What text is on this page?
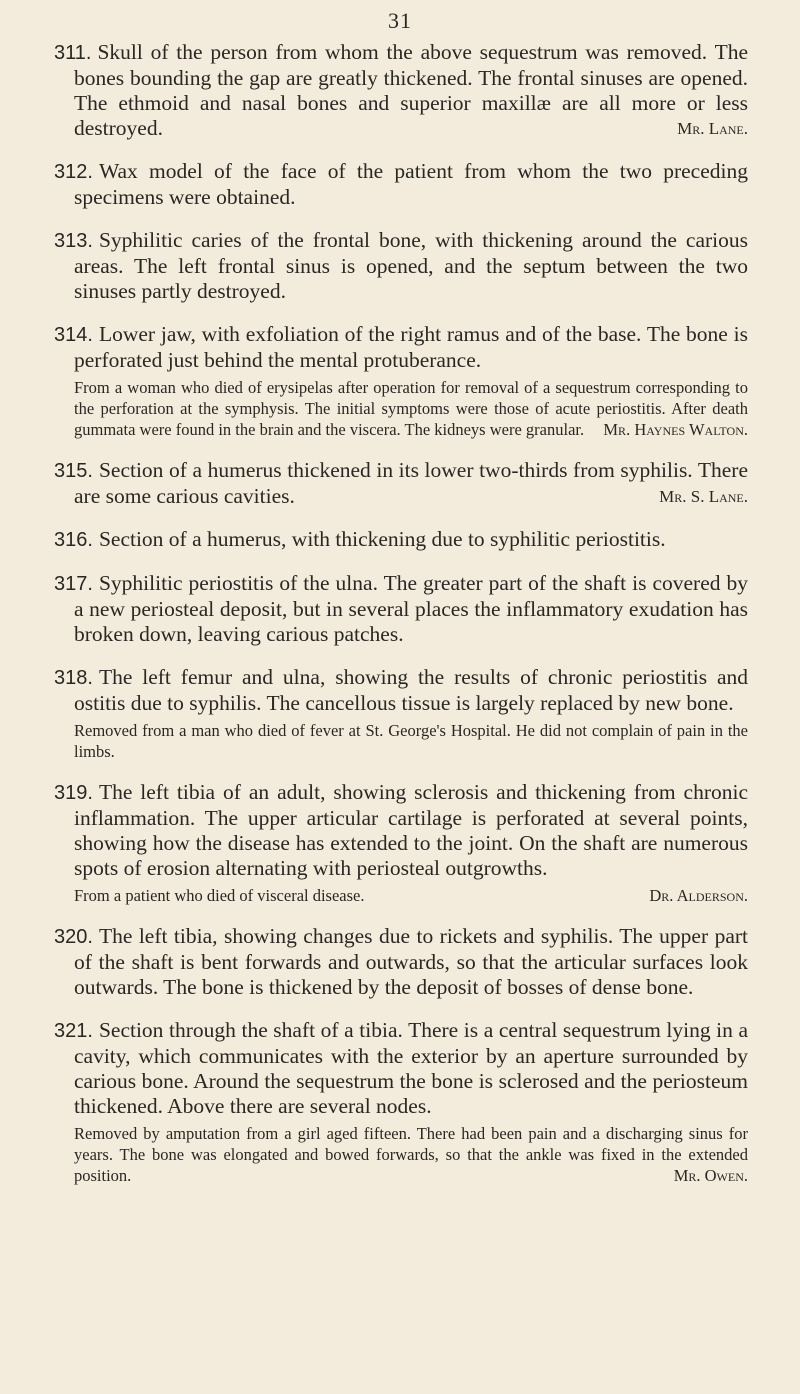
31

311. Skull of the person from whom the above sequestrum was removed. The bones bounding the gap are greatly thickened. The frontal sinuses are opened. The ethmoid and nasal bones and superior maxillæ are all more or less destroyed.	Mr. Lane.

312. Wax model of the face of the patient from whom the two preceding specimens were obtained.

313. Syphilitic caries of the frontal bone, with thickening around the carious areas. The left frontal sinus is opened, and the septum between the two sinuses partly destroyed.

314. Lower jaw, with exfoliation of the right ramus and of the base. The bone is perforated just behind the mental protuberance.

From a woman who died of erysipelas after operation for removal of a sequestrum corresponding to the perforation at the symphysis. The initial symptoms were those of acute periostitis. After death gummata were found in the brain and the viscera. The kidneys were granular. Mr. Haynes Walton.

315. Section of a humerus thickened in its lower two-thirds from syphilis. There are some carious cavities.	Mr. S. Lane.

316. Section of a humerus, with thickening due to syphilitic periostitis.

317. Syphilitic periostitis of the ulna. The greater part of the shaft is covered by a new periosteal deposit, but in several places the inflammatory exudation has broken down, leaving carious patches.

318. The left femur and ulna, showing the results of chronic periostitis and ostitis due to syphilis. The cancellous tissue is largely replaced by new bone.

Removed from a man who died of fever at St. George's Hospital. He did not complain of pain in the limbs.

319. The left tibia of an adult, showing sclerosis and thickening from chronic inflammation. The upper articular cartilage is perforated at several points, showing how the disease has extended to the joint. On the shaft are numerous spots of erosion alternating with periosteal outgrowths.

From a patient who died of visceral disease.	Dr. Alderson.

320. The left tibia, showing changes due to rickets and syphilis. The upper part of the shaft is bent forwards and outwards, so that the articular surfaces look outwards. The bone is thickened by the deposit of bosses of dense bone.

321. Section through the shaft of a tibia. There is a central sequestrum lying in a cavity, which communicates with the exterior by an aperture surrounded by carious bone. Around the sequestrum the bone is sclerosed and the periosteum thickened. Above there are several nodes.

Removed by amputation from a girl aged fifteen. There had been pain and a discharging sinus for years. The bone was elongated and bowed forwards, so that the ankle was fixed in the extended position.	Mr. Owen.
